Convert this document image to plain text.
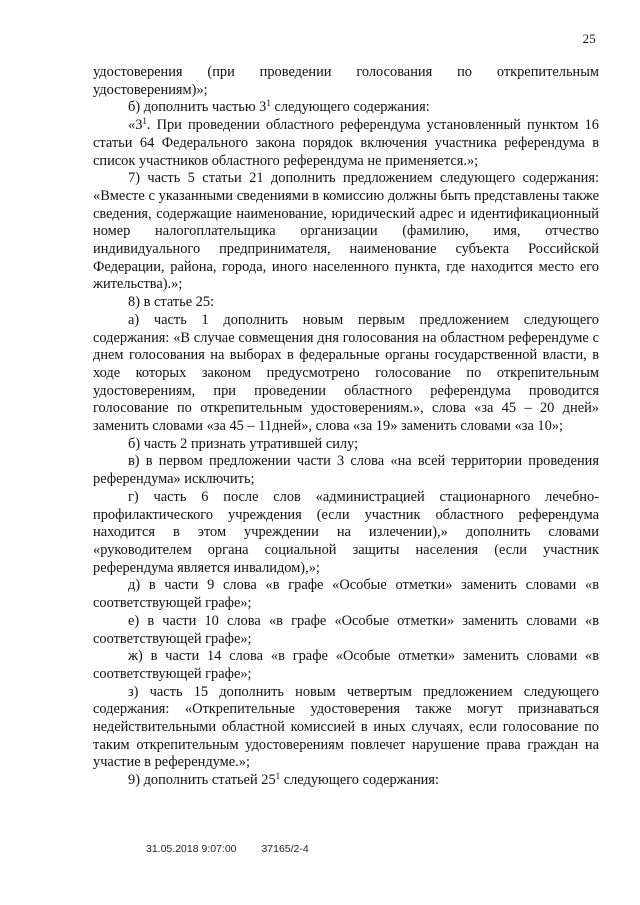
25

удостоверения (при проведении голосования по открепительным удостоверениям)»;

б) дополнить частью $3^1$ следующего содержания:

«$3^1$. При проведении областного референдума установленный пунктом 16 статьи 64 Федерального закона порядок включения участника референдума в список участников областного референдума не применяется.»;

7) часть 5 статьи 21 дополнить предложением следующего содержания: «Вместе с указанными сведениями в комиссию должны быть представлены также сведения, содержащие наименование, юридический адрес и идентификационный номер налогоплательщика организации (фамилию, имя, отчество индивидуального предпринимателя, наименование субъекта Российской Федерации, района, города, иного населенного пункта, где находится место его жительства).»;

8) в статье 25:

а) часть 1 дополнить новым первым предложением следующего содержания: «В случае совмещения дня голосования на областном референдуме с днем голосования на выборах в федеральные органы государственной власти, в ходе которых законом предусмотрено голосование по открепительным удостоверениям, при проведении областного референдума проводится голосование по открепительным удостоверениям.», слова «за 45 – 20 дней» заменить словами «за 45 – 11дней», слова «за 19» заменить словами «за 10»;

б) часть 2 признать утратившей силу;

в) в первом предложении части 3 слова «на всей территории проведения референдума» исключить;

г) часть 6 после слов «администрацией стационарного лечебно-профилактического учреждения (если участник областного референдума находится в этом учреждении на излечении),» дополнить словами «руководителем органа социальной защиты населения (если участник референдума является инвалидом),»;

д) в части 9 слова «в графе «Особые отметки» заменить словами «в соответствующей графе»;

е) в части 10 слова «в графе «Особые отметки» заменить словами «в соответствующей графе»;

ж) в части 14 слова «в графе «Особые отметки» заменить словами «в соответствующей графе»;

з) часть 15 дополнить новым четвертым предложением следующего содержания: «Открепительные удостоверения также могут признаваться недействительными областной комиссией в иных случаях, если голосование по таким открепительным удостоверениям повлечет нарушение права граждан на участие в референдуме.»;

9) дополнить статьей $25^1$ следующего содержания:

31.05.2018 9:07:00 37165/2-4
